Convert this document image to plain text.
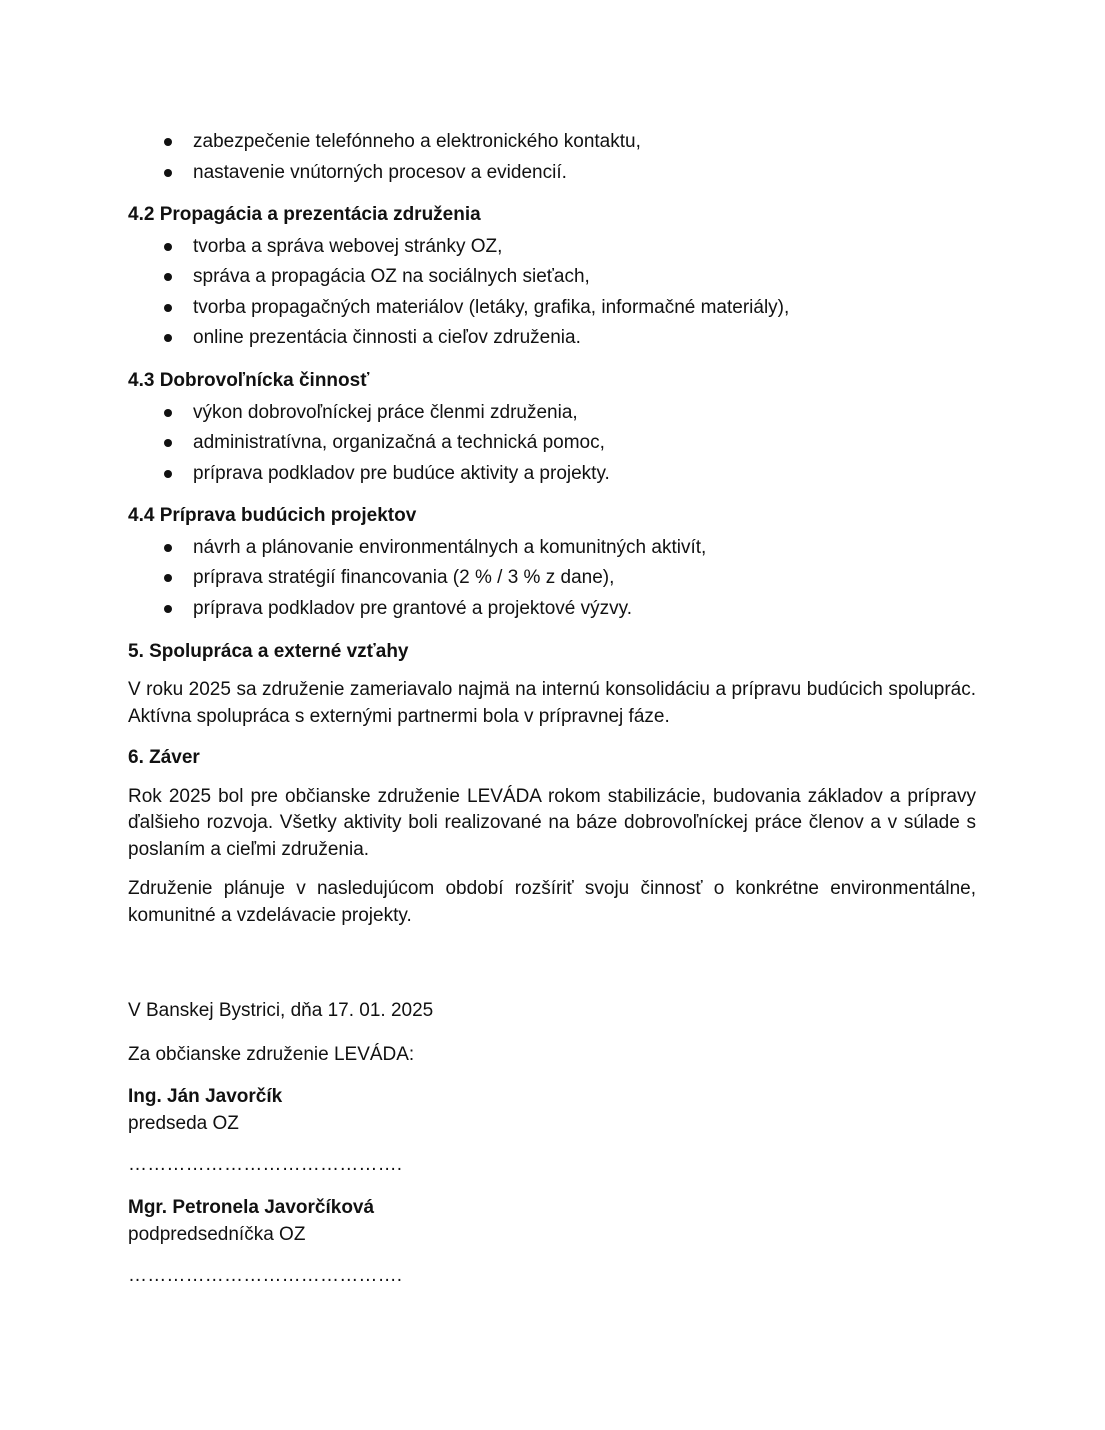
zabezpečenie telefónneho a elektronického kontaktu,
nastavenie vnútorných procesov a evidencií.
4.2 Propagácia a prezentácia združenia
tvorba a správa webovej stránky OZ,
správa a propagácia OZ na sociálnych sieťach,
tvorba propagačných materiálov (letáky, grafika, informačné materiály),
online prezentácia činnosti a cieľov združenia.
4.3 Dobrovoľnícka činnosť
výkon dobrovoľníckej práce členmi združenia,
administratívna, organizačná a technická pomoc,
príprava podkladov pre budúce aktivity a projekty.
4.4 Príprava budúcich projektov
návrh a plánovanie environmentálnych a komunitných aktivít,
príprava stratégií financovania (2 % / 3 % z dane),
príprava podkladov pre grantové a projektové výzvy.
5. Spolupráca a externé vzťahy

V roku 2025 sa združenie zameriavalo najmä na internú konsolidáciu a prípravu budúcich spoluprác. Aktívna spolupráca s externými partnermi bola v prípravnej fáze.

6. Záver

Rok 2025 bol pre občianske združenie LEVÁDA rokom stabilizácie, budovania základov a prípravy ďalšieho rozvoja. Všetky aktivity boli realizované na báze dobrovoľníckej práce členov a v súlade s poslaním a cieľmi združenia.

Združenie plánuje v nasledujúcom období rozšíriť svoju činnosť o konkrétne environmentálne, komunitné a vzdelávacie projekty.

V Banskej Bystrici, dňa 17. 01. 2025
Za občianske združenie LEVÁDA:
Ing. Ján Javorčík
predseda OZ
…………………………………….
Mgr. Petronela Javorčíková
podpredsedníčka OZ
…………………………………….
